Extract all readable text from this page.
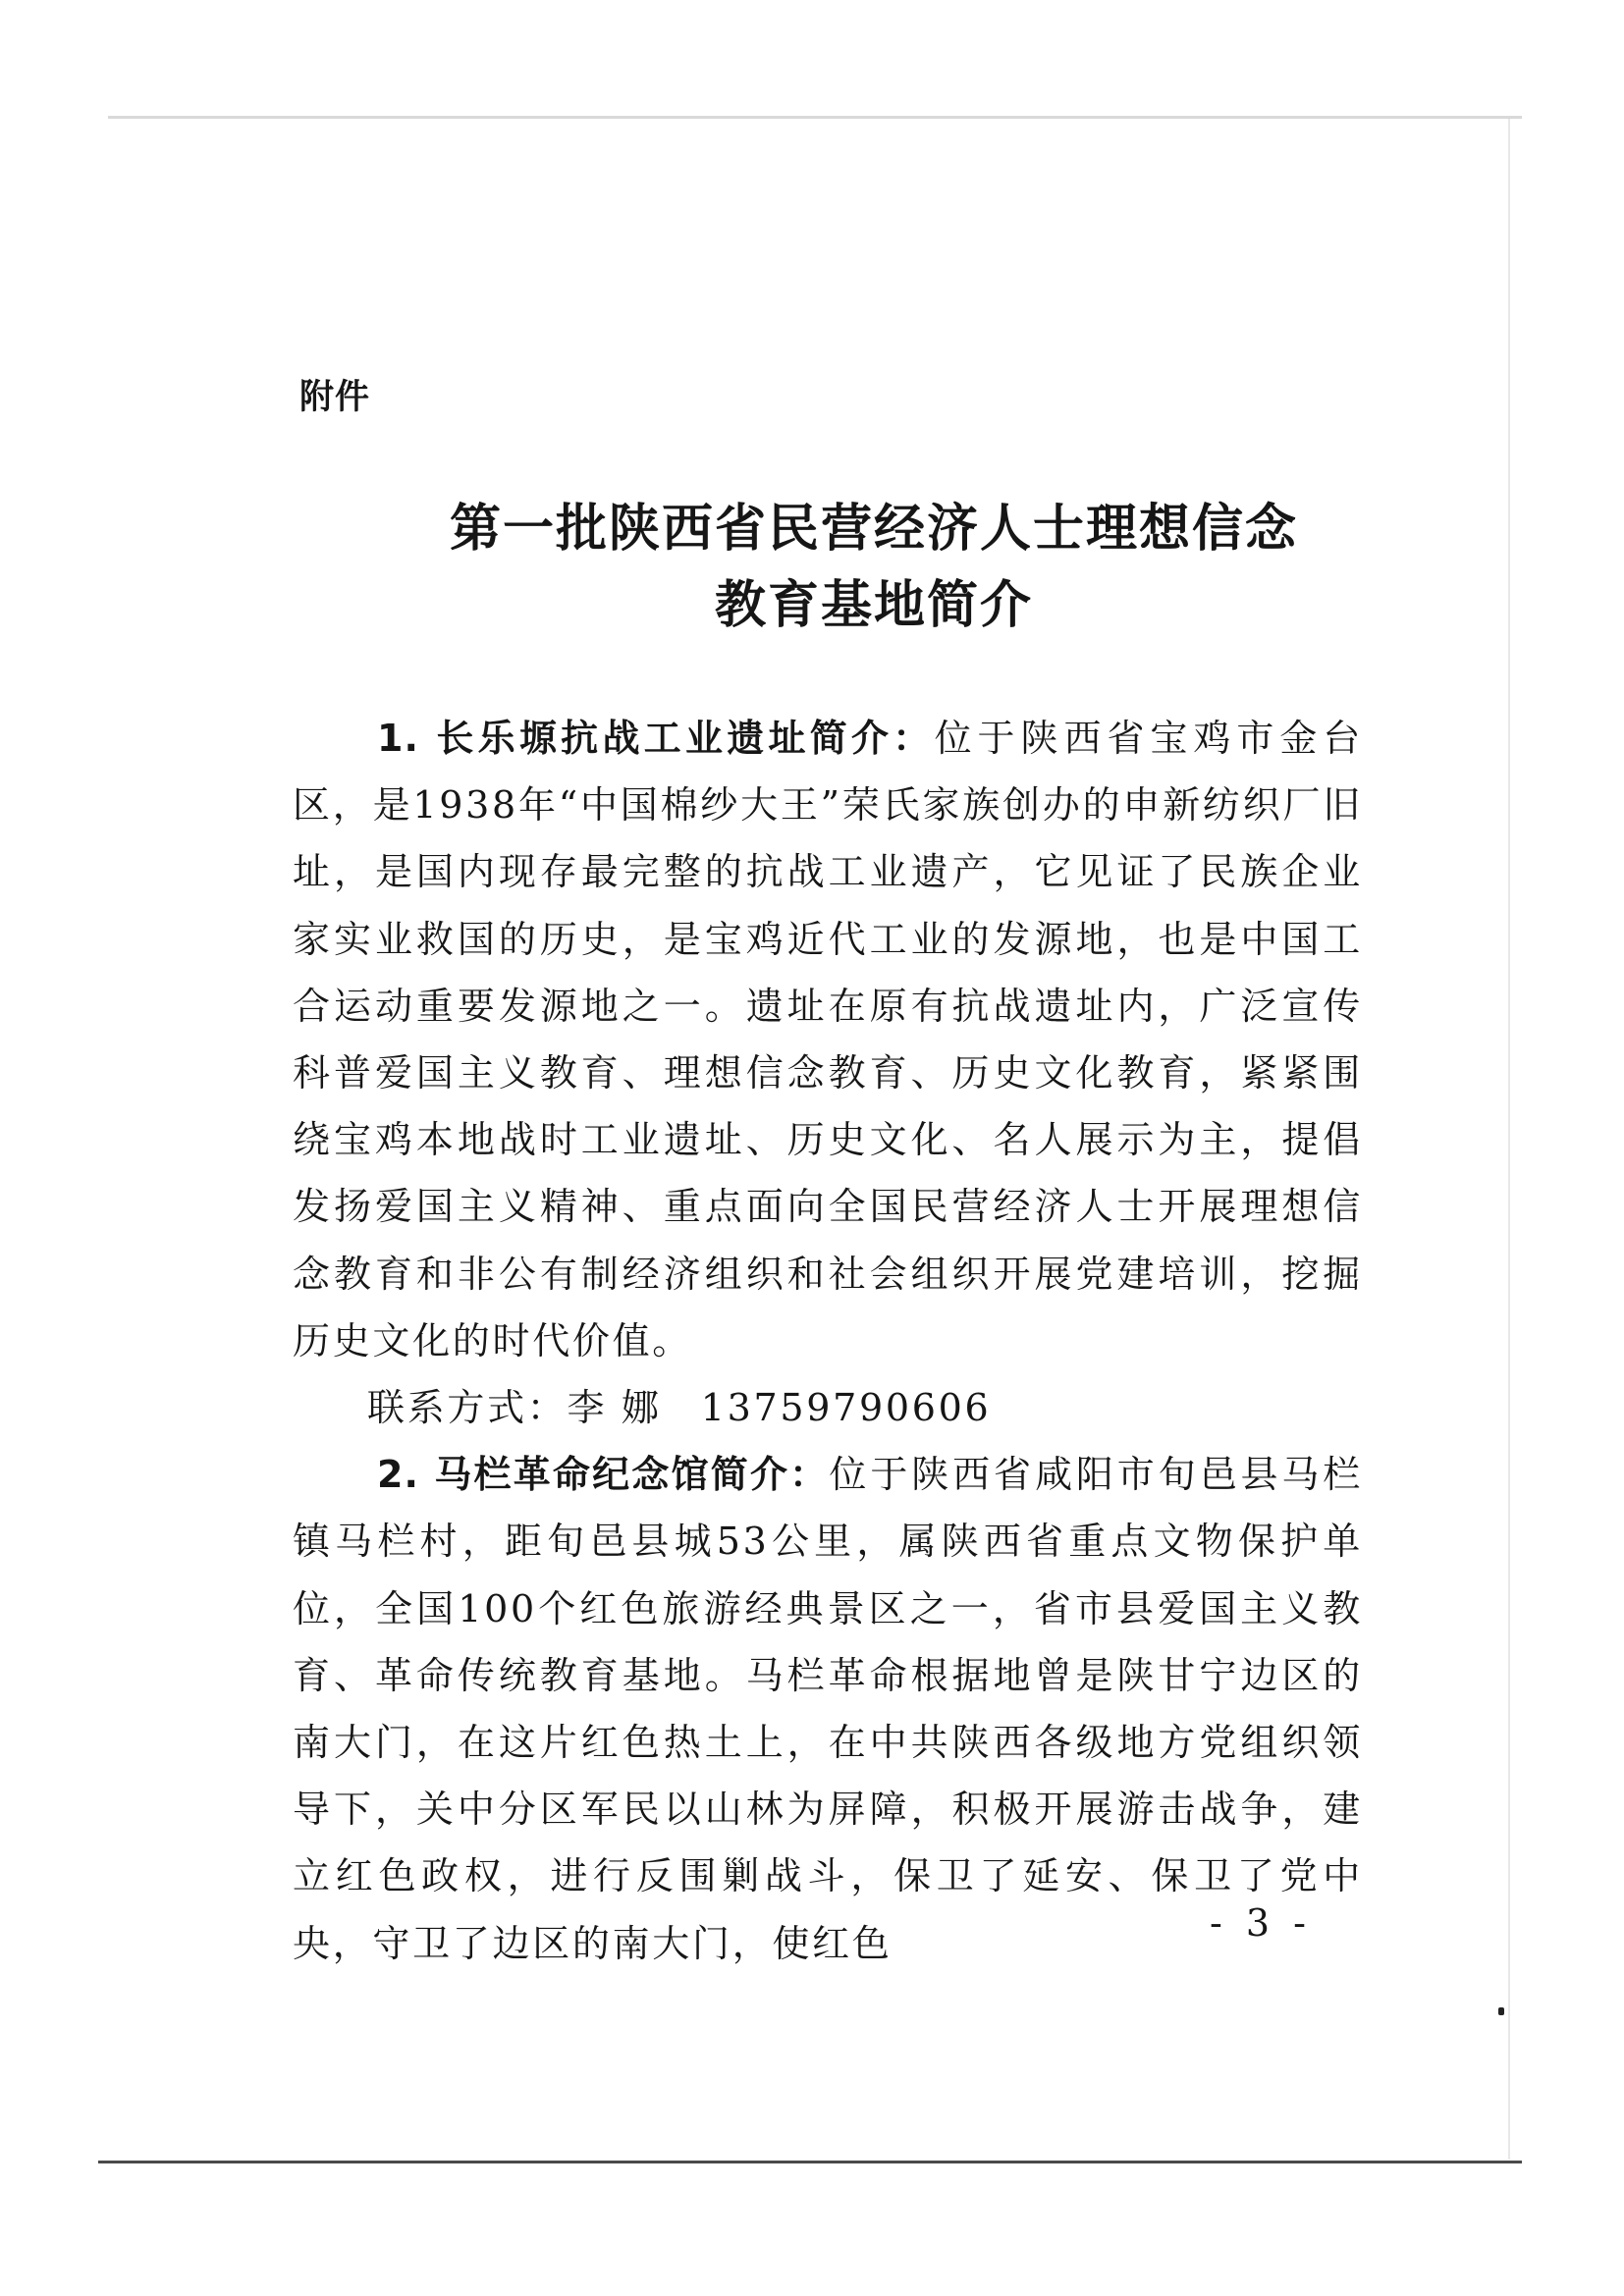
附件
第一批陕西省民营经济人士理想信念
教育基地简介

1. 长乐塬抗战工业遗址简介：位于陕西省宝鸡市金台区，是1938年“中国棉纱大王”荣氏家族创办的申新纺织厂旧址，是国内现存最完整的抗战工业遗产，它见证了民族企业家实业救国的历史，是宝鸡近代工业的发源地，也是中国工合运动重要发源地之一。遗址在原有抗战遗址内，广泛宣传科普爱国主义教育、理想信念教育、历史文化教育，紧紧围绕宝鸡本地战时工业遗址、历史文化、名人展示为主，提倡发扬爱国主义精神、重点面向全国民营经济人士开展理想信念教育和非公有制经济组织和社会组织开展党建培训，挖掘历史文化的时代价值。

联系方式：李 娜 13759790606

2. 马栏革命纪念馆简介：位于陕西省咸阳市旬邑县马栏镇马栏村，距旬邑县城53公里，属陕西省重点文物保护单位，全国100个红色旅游经典景区之一，省市县爱国主义教育、革命传统教育基地。马栏革命根据地曾是陕甘宁边区的南大门，在这片红色热土上，在中共陕西各级地方党组织领导下，关中分区军民以山林为屏障，积极开展游击战争，建立红色政权，进行反围剿战斗，保卫了延安、保卫了党中央，守卫了边区的南大门，使红色	- 3 -
